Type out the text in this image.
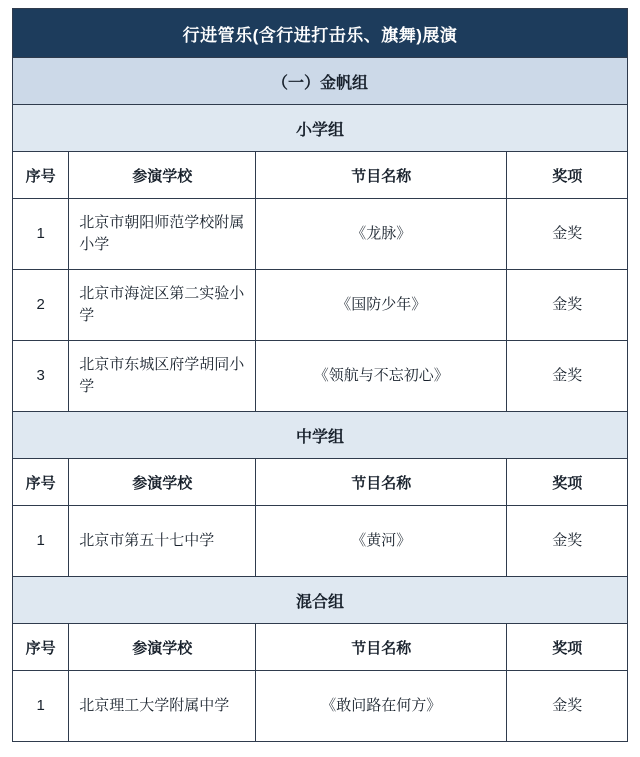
行进管乐(含行进打击乐、旗舞)展演			
（一）金帆组			
小学组			
序号	参演学校	节目名称	奖项
1	北京市朝阳师范学校附属小学	《龙脉》	金奖
2	北京市海淀区第二实验小学	《国防少年》	金奖
3	北京市东城区府学胡同小学	《领航与不忘初心》	金奖
中学组			
序号	参演学校	节目名称	奖项
1	北京市第五十七中学	《黄河》	金奖
混合组			
序号	参演学校	节目名称	奖项
1	北京理工大学附属中学	《敢问路在何方》	金奖
